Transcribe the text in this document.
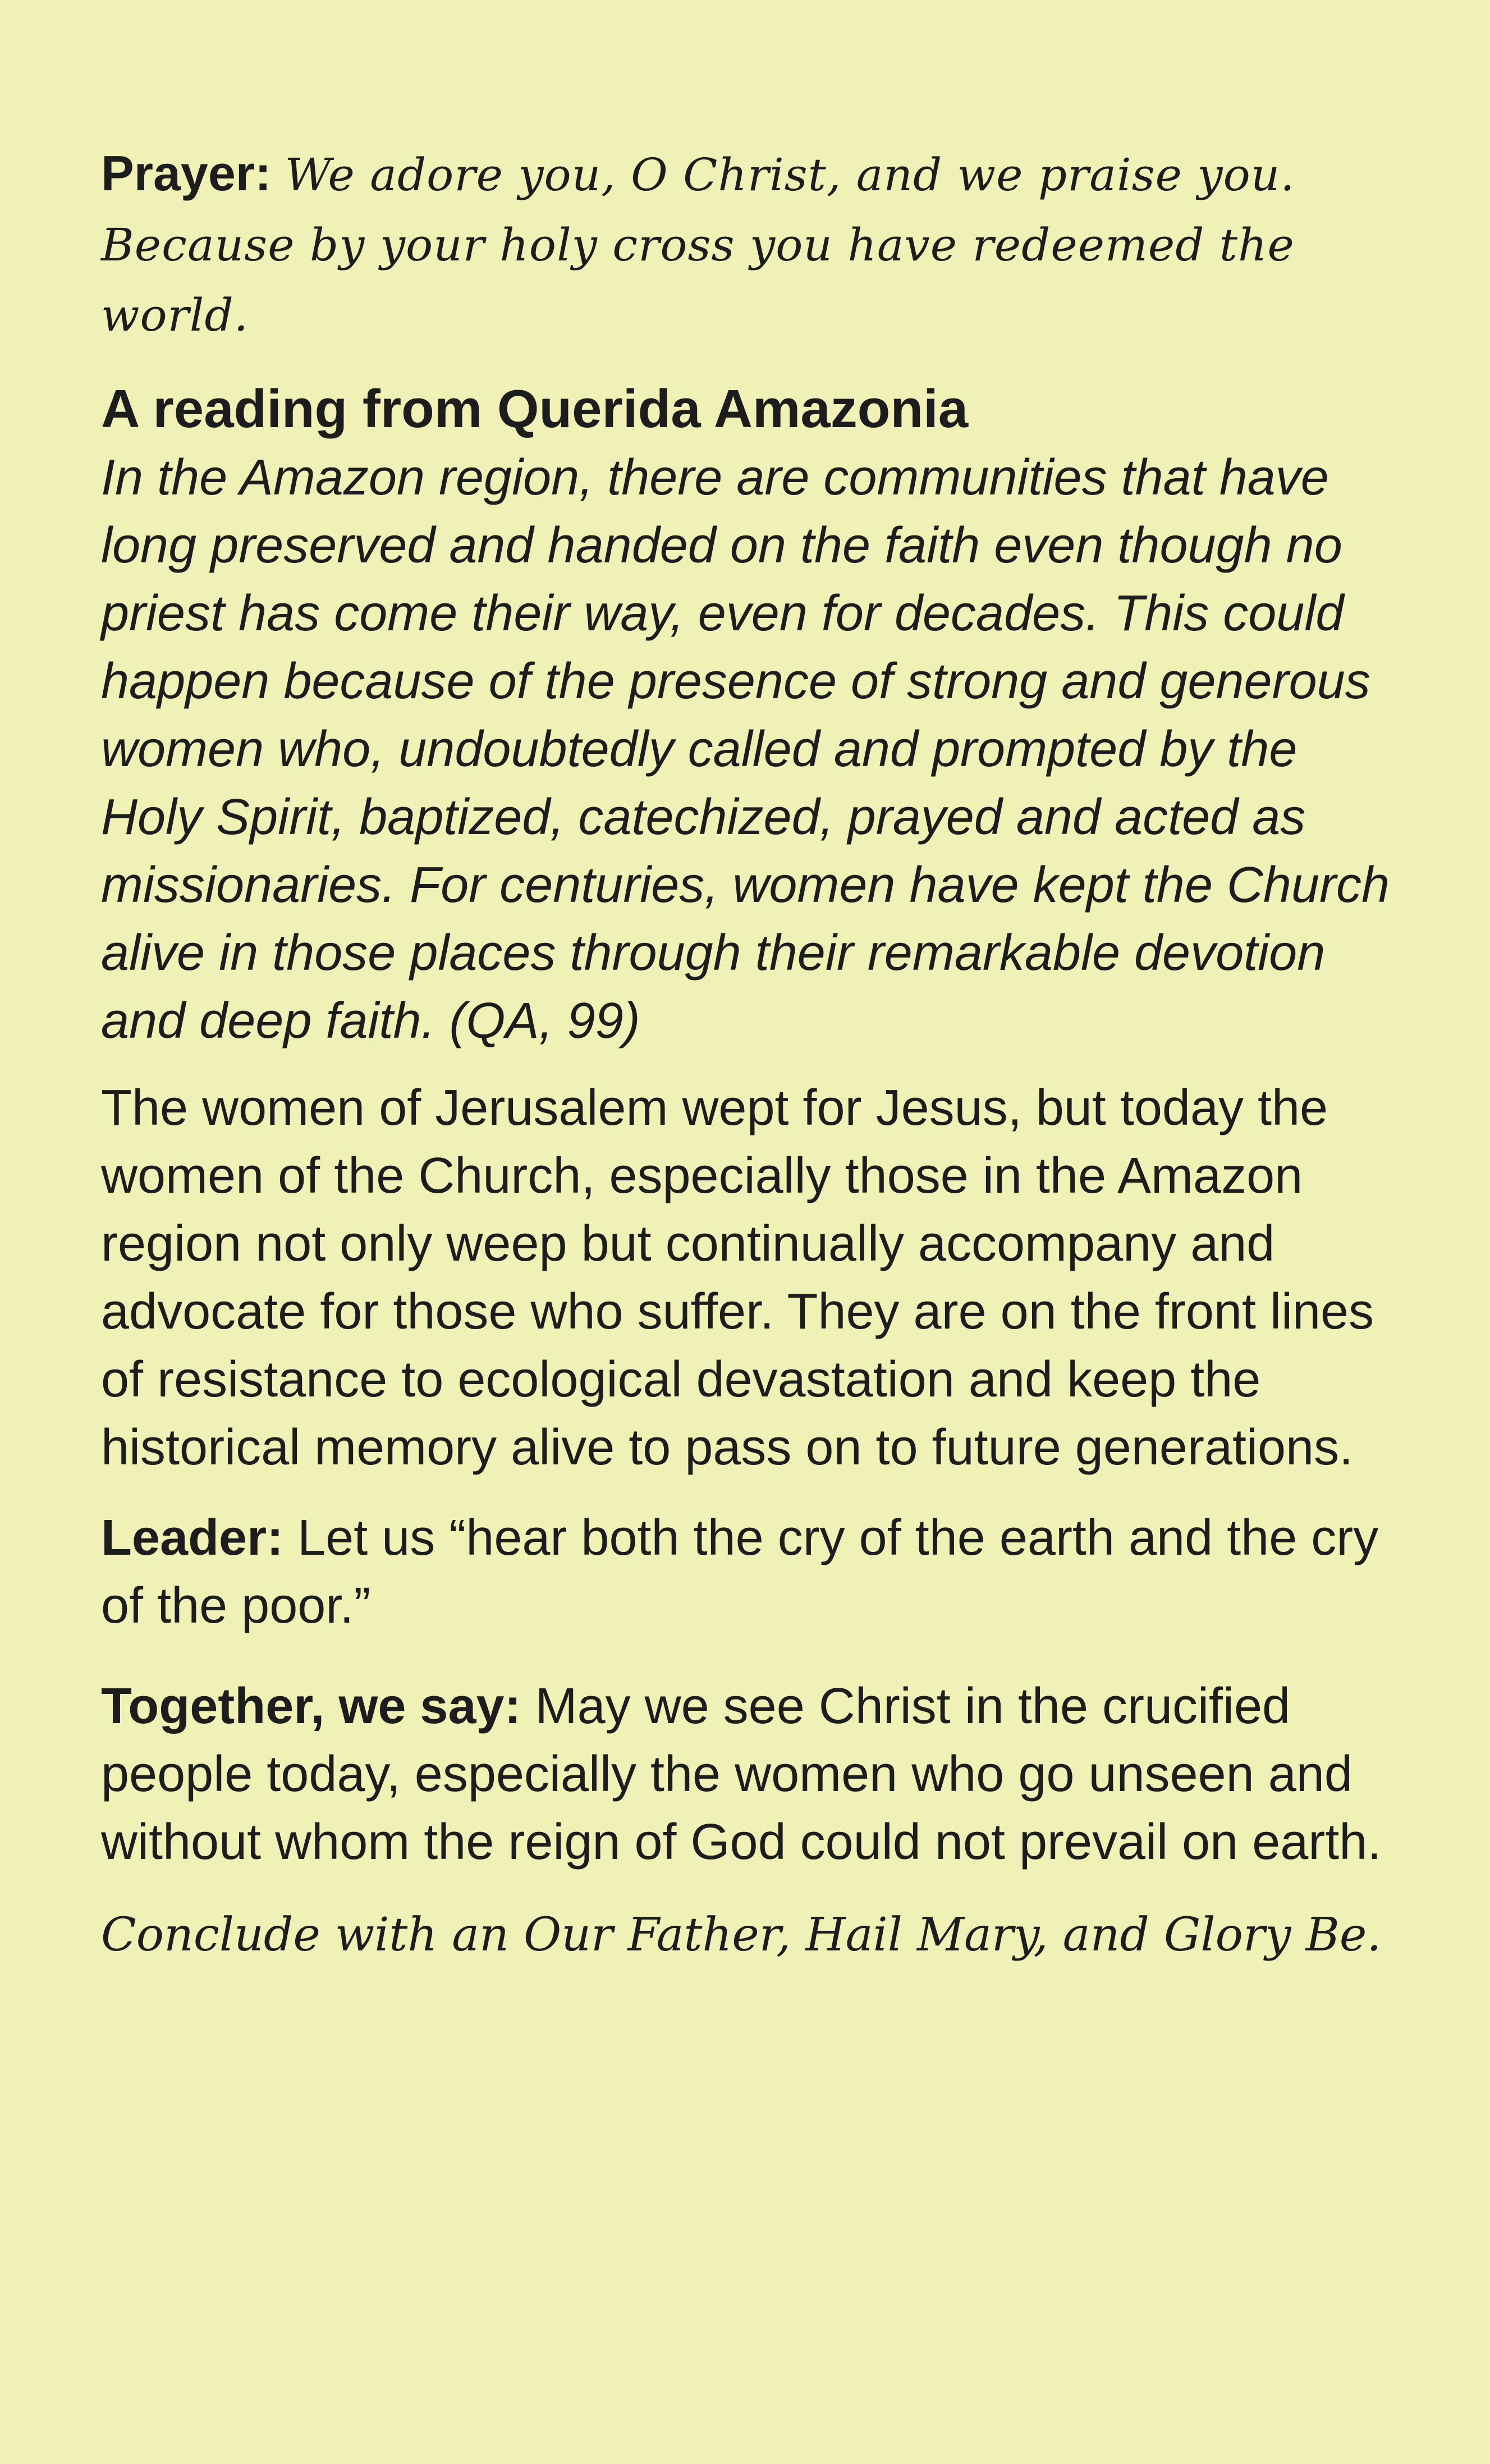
Prayer: We adore you, O Christ, and we praise you. Because by your holy cross you have redeemed the world.

A reading from Querida Amazonia

In the Amazon region, there are communities that have long preserved and handed on the faith even though no priest has come their way, even for decades. This could happen because of the presence of strong and generous women who, undoubtedly called and prompted by the Holy Spirit, baptized, catechized, prayed and acted as missionaries. For centuries, women have kept the Church alive in those places through their remarkable devotion and deep faith. (QA, 99)

The women of Jerusalem wept for Jesus, but today the women of the Church, especially those in the Amazon region not only weep but continually accompany and advocate for those who suffer. They are on the front lines of resistance to ecological devastation and keep the historical memory alive to pass on to future generations.

Leader: Let us “hear both the cry of the earth and the cry of the poor.”

Together, we say: May we see Christ in the crucified people today, especially the women who go unseen and without whom the reign of God could not prevail on earth.

Conclude with an Our Father, Hail Mary, and Glory Be.
